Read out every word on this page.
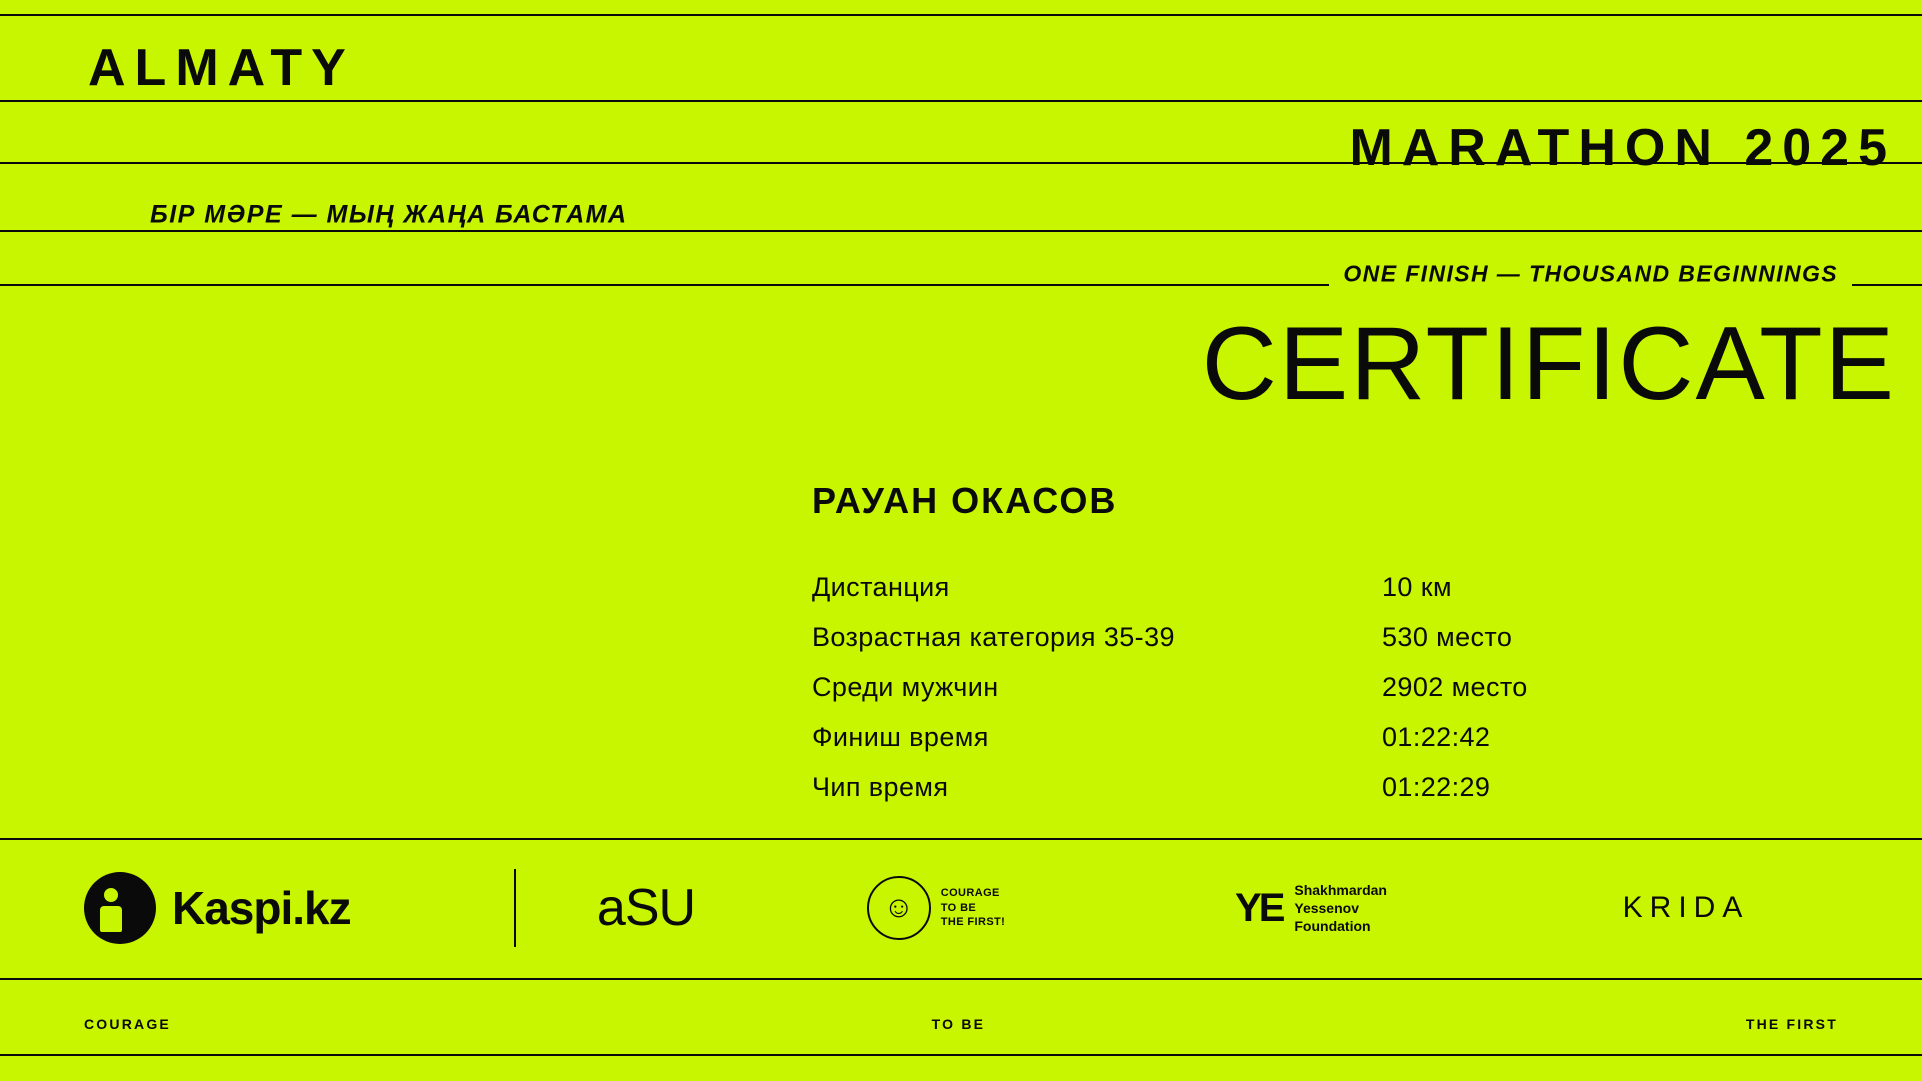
ALMATY
MARATHON 2025
БІР МӘРЕ — МЫҢ ЖАҢА БАСТАМА
ONE FINISH — THOUSAND BEGINNINGS
CERTIFICATE
РАУАН ОКАСОВ
Дистанция	10 км
Возрастная категория 35-39	530 место
Среди мужчин	2902 место
Финиш время	01:22:42
Чип время	01:22:29
Kaspi.kz	aSU	☺ COURAGE
TO BE
THE FIRST!	YE Shakhmardan
Yessenov
Foundation
KRIDA
COURAGE	TO BE	THE FIRST
